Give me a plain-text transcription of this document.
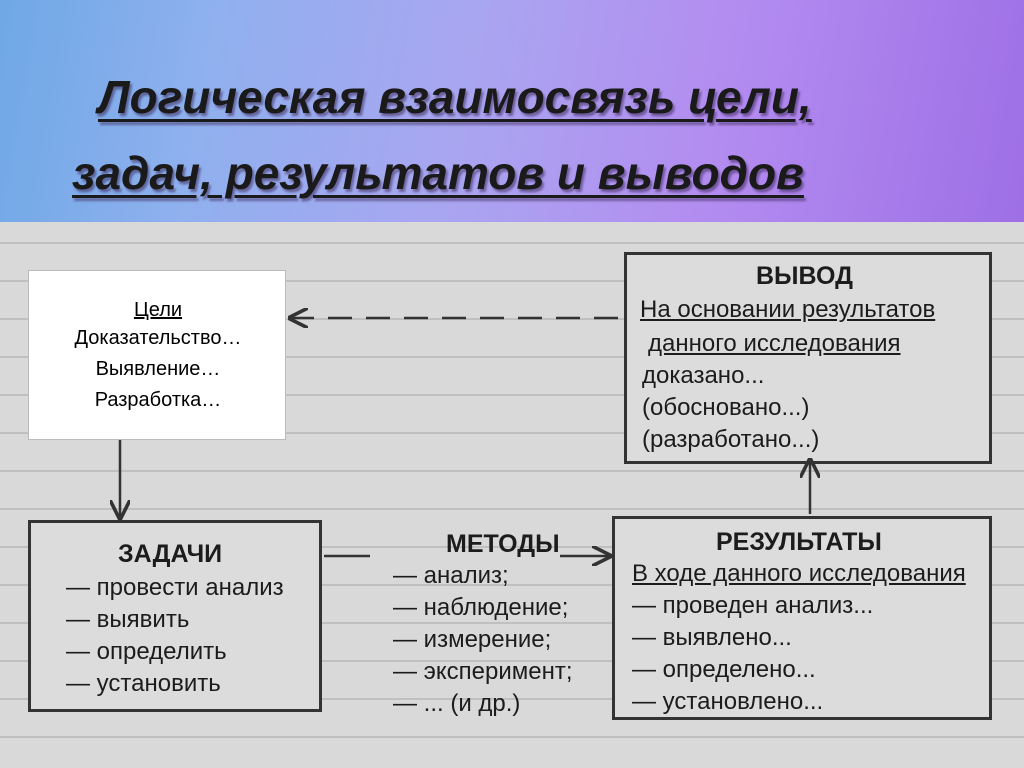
Логическая взаимосвязь цели,
задач, результатов и выводов
Цели
Доказательство…
Выявление…
Разработка…
ВЫВОД
На основании результатов
данного исследования
доказано...
(обосновано...)
(разработано...)
ЗАДАЧИ
— провести анализ
— выявить
— определить
— установить
МЕТОДЫ
— анализ;
— наблюдение;
— измерение;
— эксперимент;
— ... (и др.)
РЕЗУЛЬТАТЫ
В ходе данного исследования
— проведен анализ...
— выявлено...
— определено...
— установлено...
